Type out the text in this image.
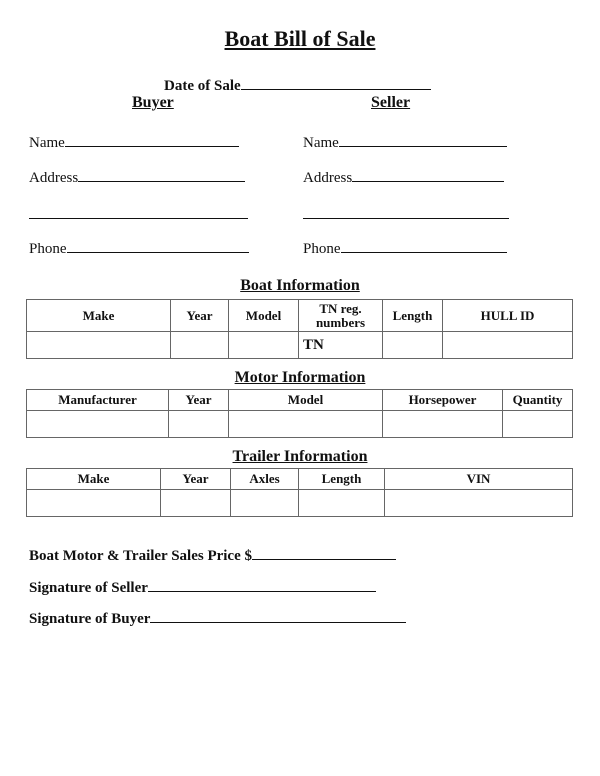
Boat Bill of Sale
Date of Sale
Buyer	Seller
Name
Address
Phone
Name
Address
Phone
Boat Information
Make	Year	Model	TN reg. numbers	Length	HULL ID
			TN		
Motor Information
Manufacturer	Year	Model	Horsepower	Quantity

Trailer Information
Make	Year	Axles	Length	VIN

Boat Motor & Trailer Sales Price $
Signature of Seller
Signature of Buyer
